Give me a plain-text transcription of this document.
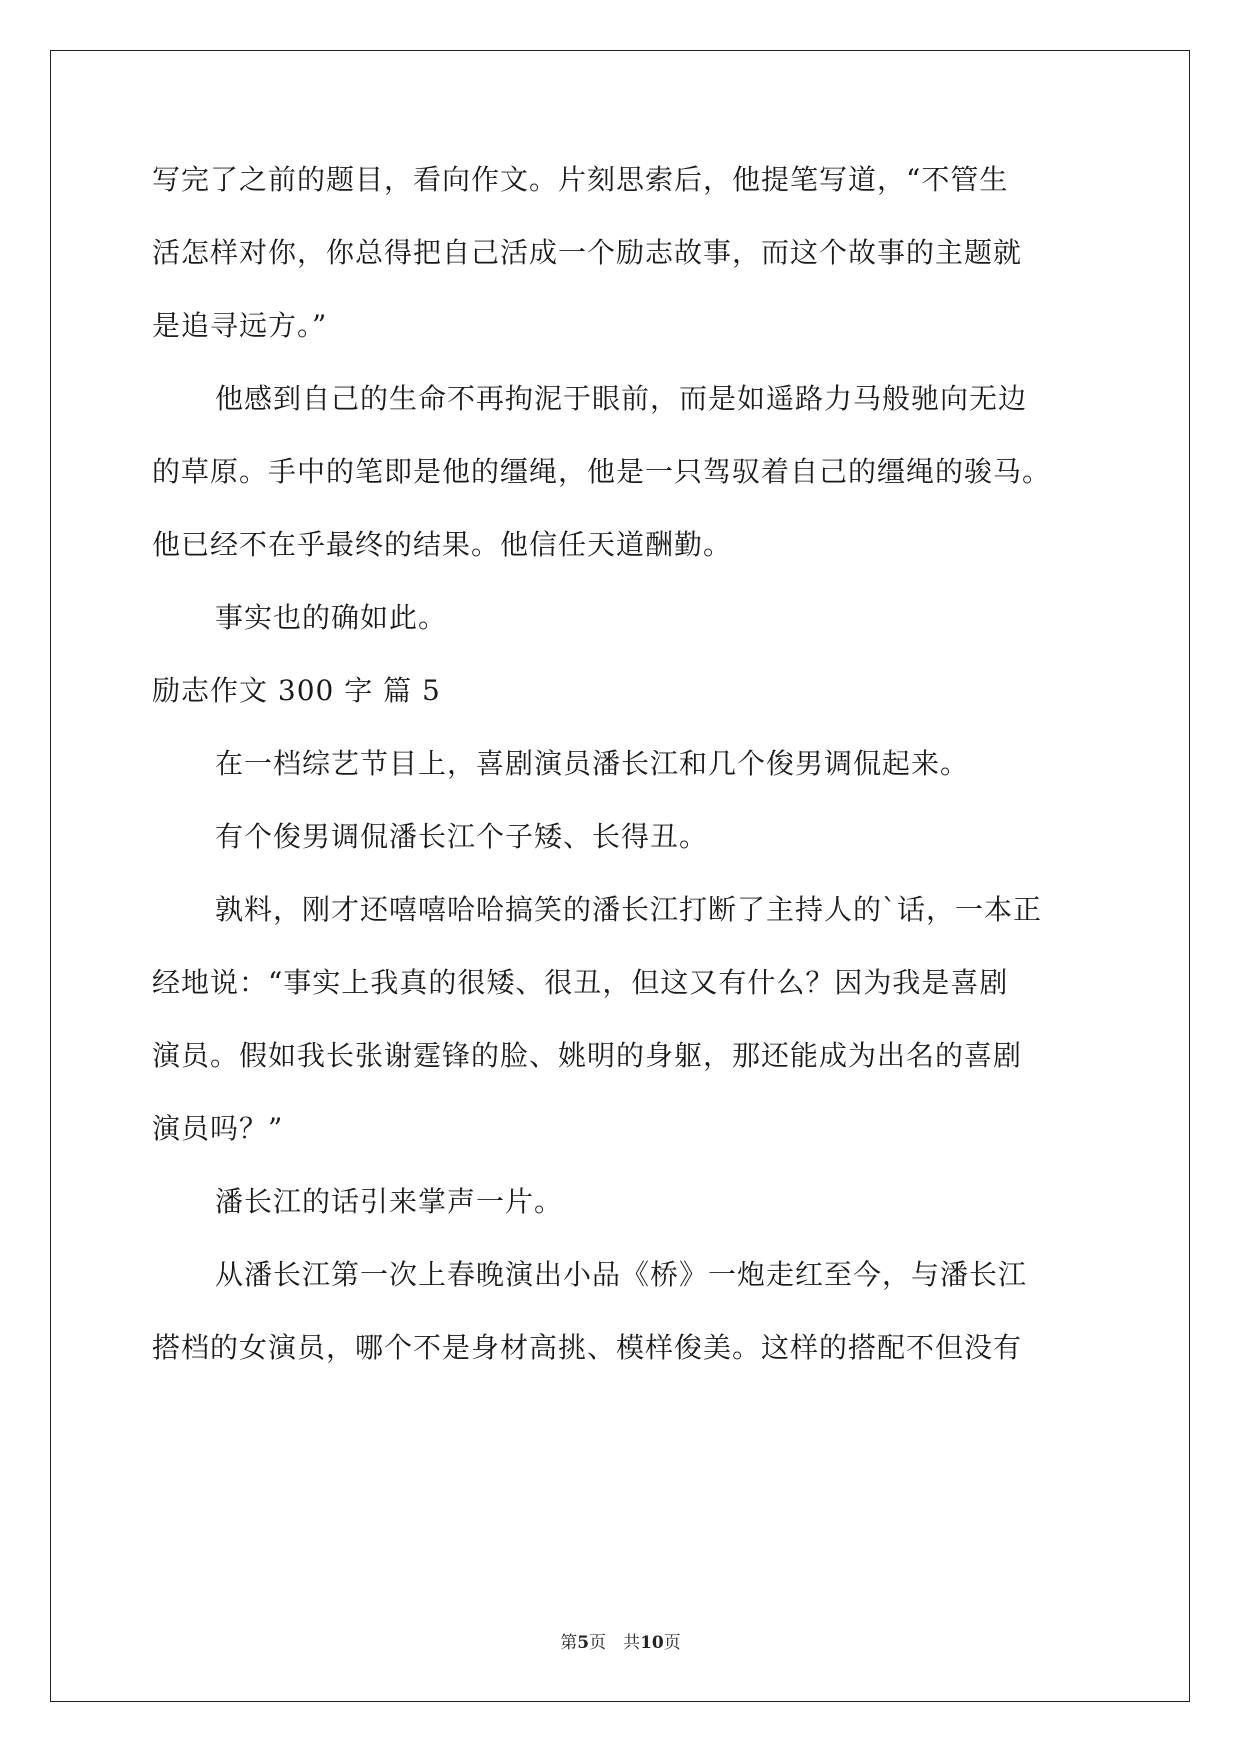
写完了之前的题目，看向作文。片刻思索后，他提笔写道，“不管生
活怎样对你，你总得把自己活成一个励志故事，而这个故事的主题就
是追寻远方。”
他感到自己的生命不再拘泥于眼前，而是如遥路力马般驰向无边
的草原。手中的笔即是他的缰绳，他是一只驾驭着自己的缰绳的骏马。
他已经不在乎最终的结果。他信任天道酬勤。
事实也的确如此。
励志作文 300 字 篇 5
在一档综艺节目上，喜剧演员潘长江和几个俊男调侃起来。
有个俊男调侃潘长江个子矮、长得丑。
孰料，刚才还嘻嘻哈哈搞笑的潘长江打断了主持人的`话，一本正
经地说：“事实上我真的很矮、很丑，但这又有什么？因为我是喜剧
演员。假如我长张谢霆锋的脸、姚明的身躯，那还能成为出名的喜剧
演员吗？”
潘长江的话引来掌声一片。
从潘长江第一次上春晚演出小品《桥》一炮走红至今，与潘长江
搭档的女演员，哪个不是身材高挑、模样俊美。这样的搭配不但没有
第5页　共10页
